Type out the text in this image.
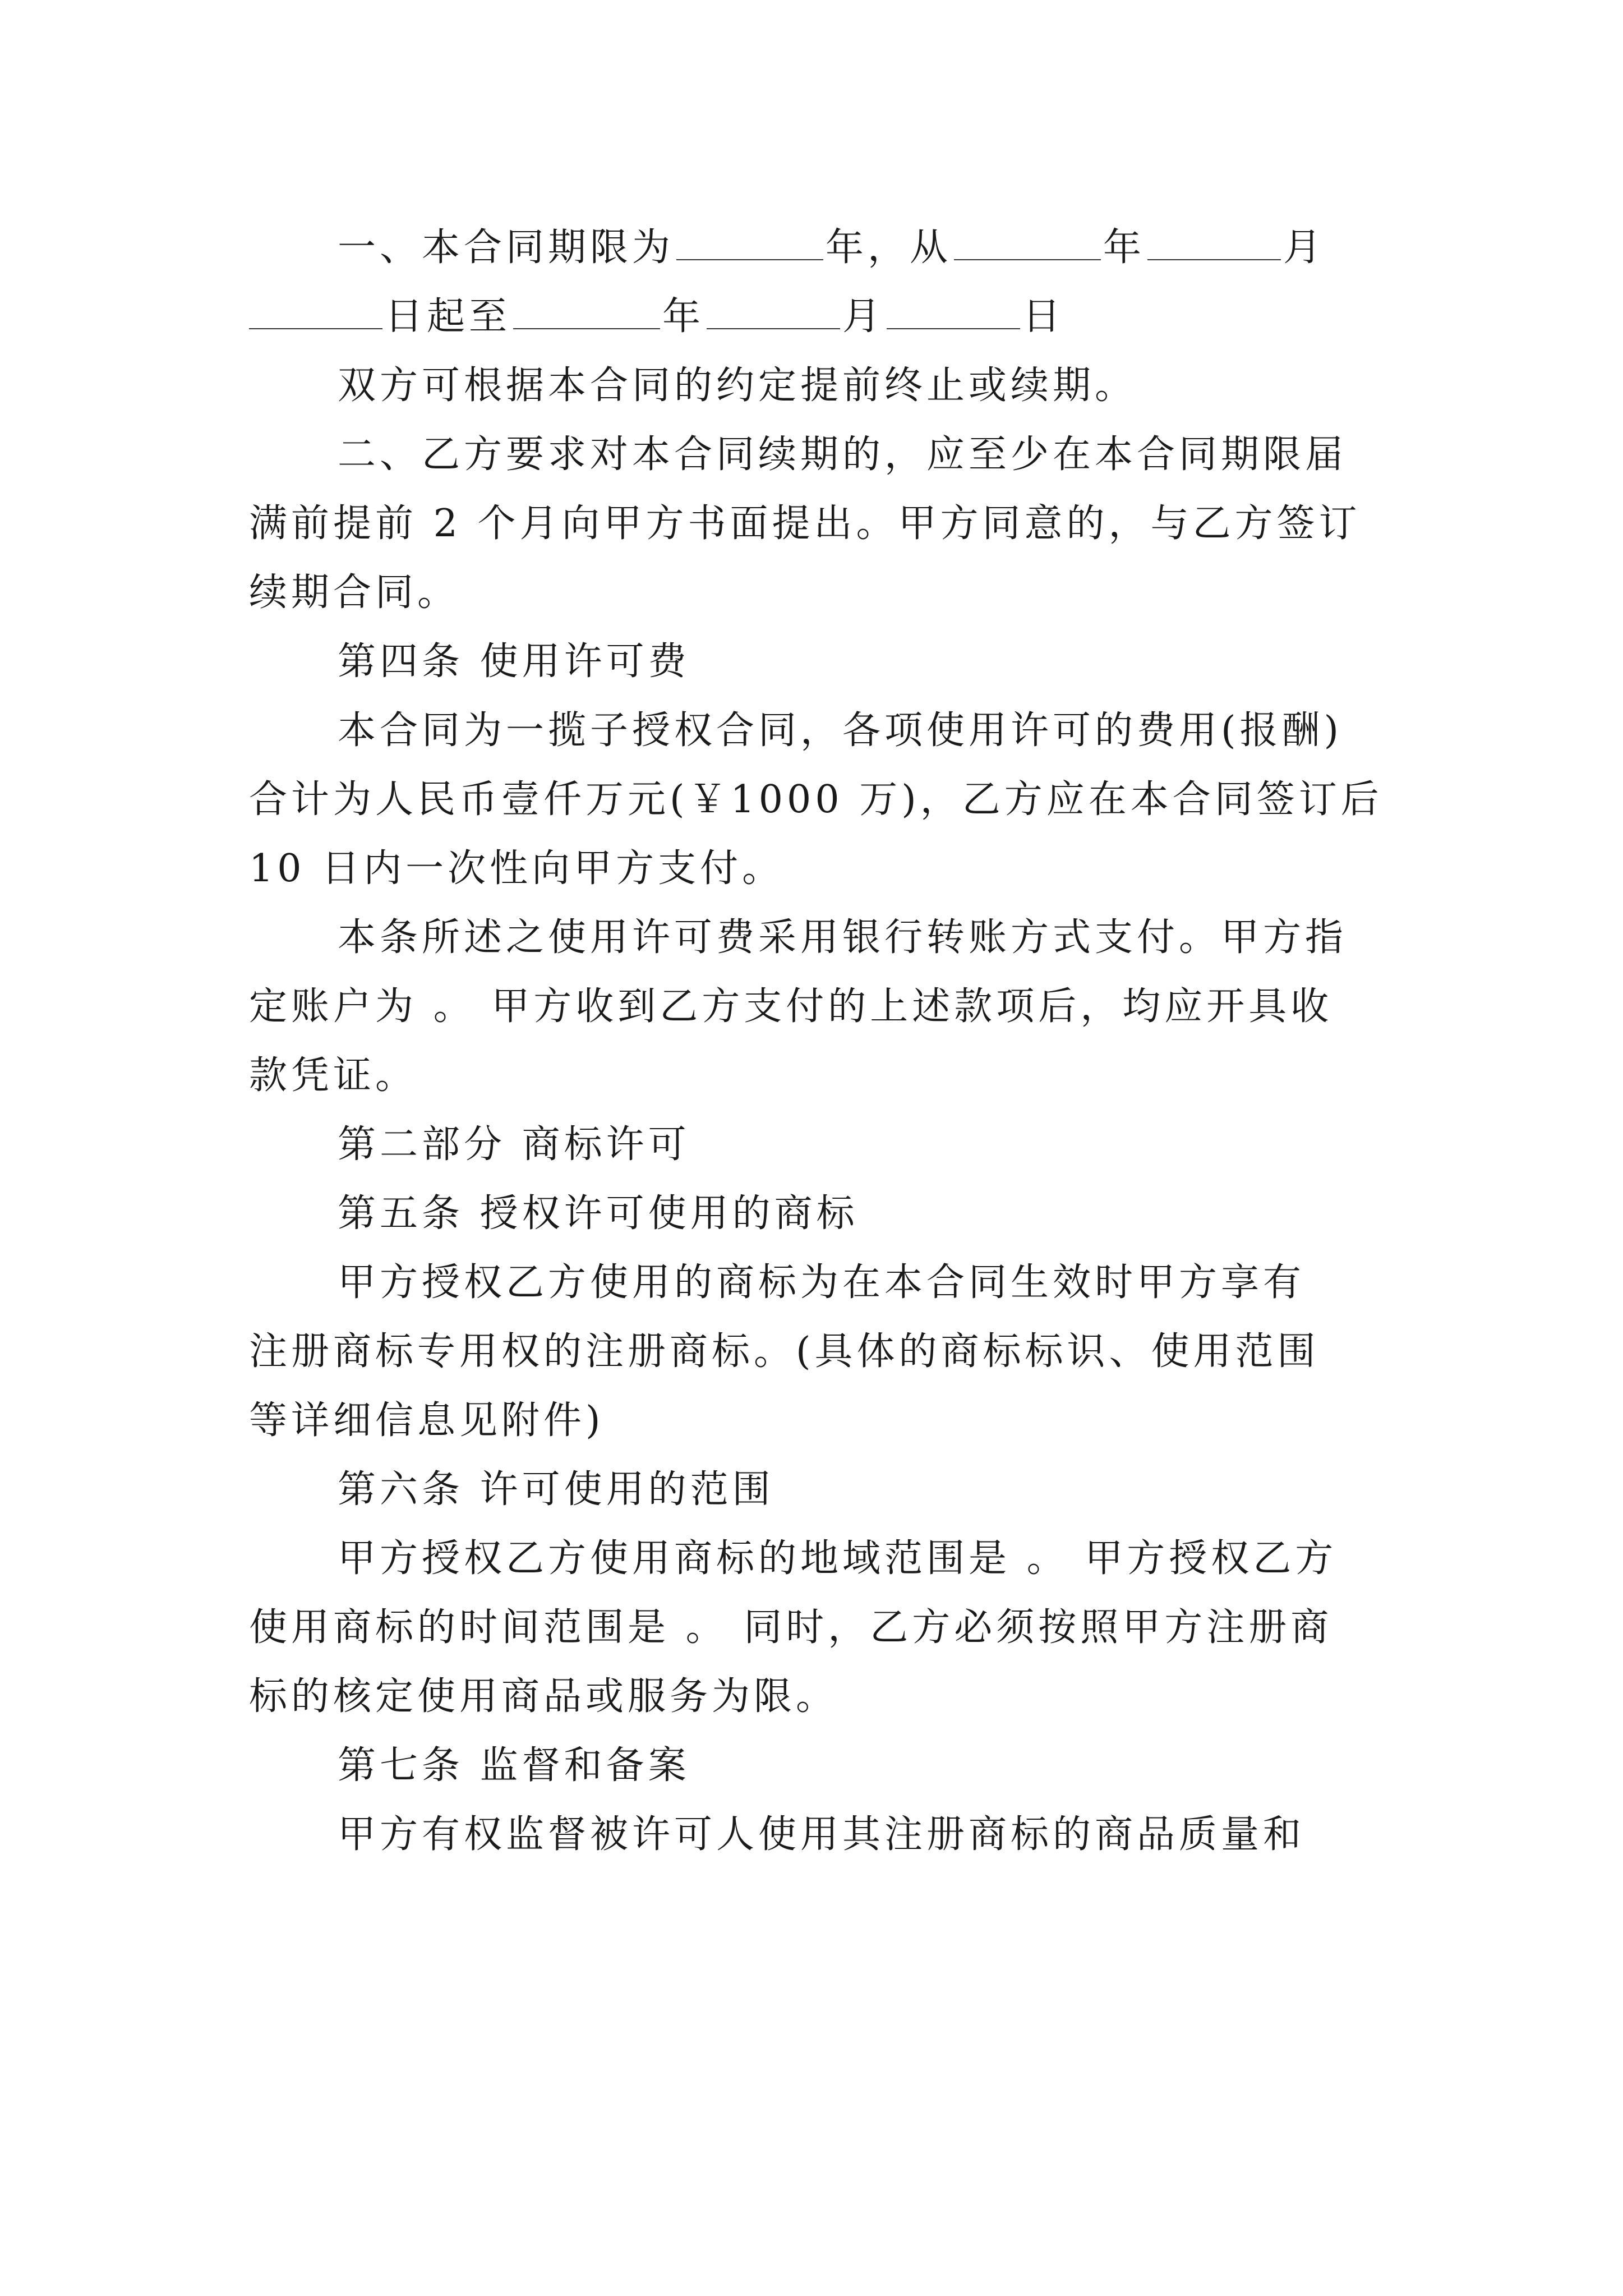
一、本合同期限为	年，从	年	月
日起至	年	月	日
双方可根据本合同的约定提前终止或续期。
二、乙方要求对本合同续期的，应至少在本合同期限届
满前提前 2 个月向甲方书面提出。甲方同意的，与乙方签订
续期合同。
第四条 使用许可费
本合同为一揽子授权合同，各项使用许可的费用(报酬)
合计为人民币壹仟万元(￥1000 万)，乙方应在本合同签订后
10 日内一次性向甲方支付。
本条所述之使用许可费采用银行转账方式支付。甲方指
定账户为 。 甲方收到乙方支付的上述款项后，均应开具收
款凭证。
第二部分 商标许可
第五条 授权许可使用的商标
甲方授权乙方使用的商标为在本合同生效时甲方享有
注册商标专用权的注册商标。(具体的商标标识、使用范围
等详细信息见附件)
第六条 许可使用的范围
甲方授权乙方使用商标的地域范围是 。 甲方授权乙方
使用商标的时间范围是 。 同时，乙方必须按照甲方注册商
标的核定使用商品或服务为限。
第七条 监督和备案
甲方有权监督被许可人使用其注册商标的商品质量和
